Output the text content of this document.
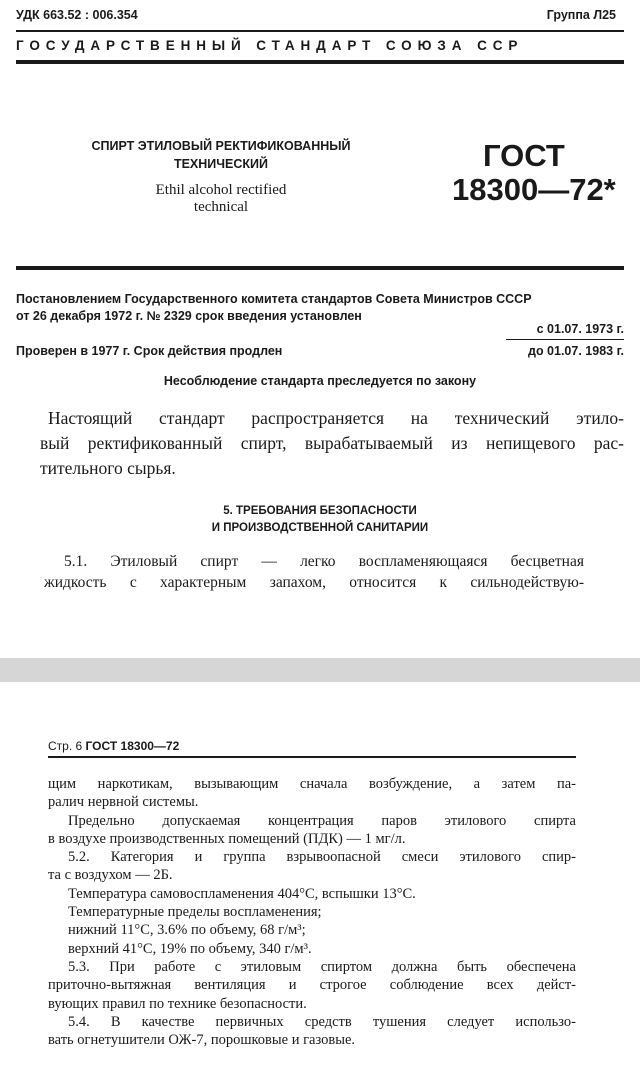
УДК 663.52 : 006.354	Группа Л25
ГОСУДАРСТВЕННЫЙ СТАНДАРТ СОЮЗА ССР
СПИРТ ЭТИЛОВЫЙ РЕКТИФИКОВАННЫЙ
ТЕХНИЧЕСКИЙ
Ethil alcohol rectified
technical
ГОСТ
18300—72*
Постановлением Государственного комитета стандартов Совета Министров СССР
от 26 декабря 1972 г. № 2329 срок введения установлен
с 01.07. 1973 г.
Проверен в 1977 г. Срок действия продлен	до 01.07. 1983 г.
Несоблюдение стандарта преследуется по закону
Настоящий стандарт распространяется на технический этило-
вый ректификованный спирт, вырабатываемый из непищевого рас-
тительного сырья.
5. ТРЕБОВАНИЯ БЕЗОПАСНОСТИ
И ПРОИЗВОДСТВЕННОЙ САНИТАРИИ
5.1. Этиловый спирт — легко воспламеняющаяся бесцветная
жидкость с характерным запахом, относится к сильнодействую-
Стр. 6 ГОСТ 18300—72
щим наркотикам, вызывающим сначала возбуждение, а затем па-
ралич нервной системы.
Предельно допускаемая концентрация паров этилового спирта
в воздухе производственных помещений (ПДК) — 1 мг/л.
5.2. Категория и группа взрывоопасной смеси этилового спир-
та с воздухом — 2Б.
Температура самовоспламенения 404°C, вспышки 13°C.
Температурные пределы воспламенения;
нижний 11°C, 3.6% по объему, 68 г/м³;
верхний 41°C, 19% по объему, 340 г/м³.
5.3. При работе с этиловым спиртом должна быть обеспечена
приточно-вытяжная вентиляция и строгое соблюдение всех дейст-
вующих правил по технике безопасности.
5.4. В качестве первичных средств тушения следует использо-
вать огнетушители ОЖ-7, порошковые и газовые.
